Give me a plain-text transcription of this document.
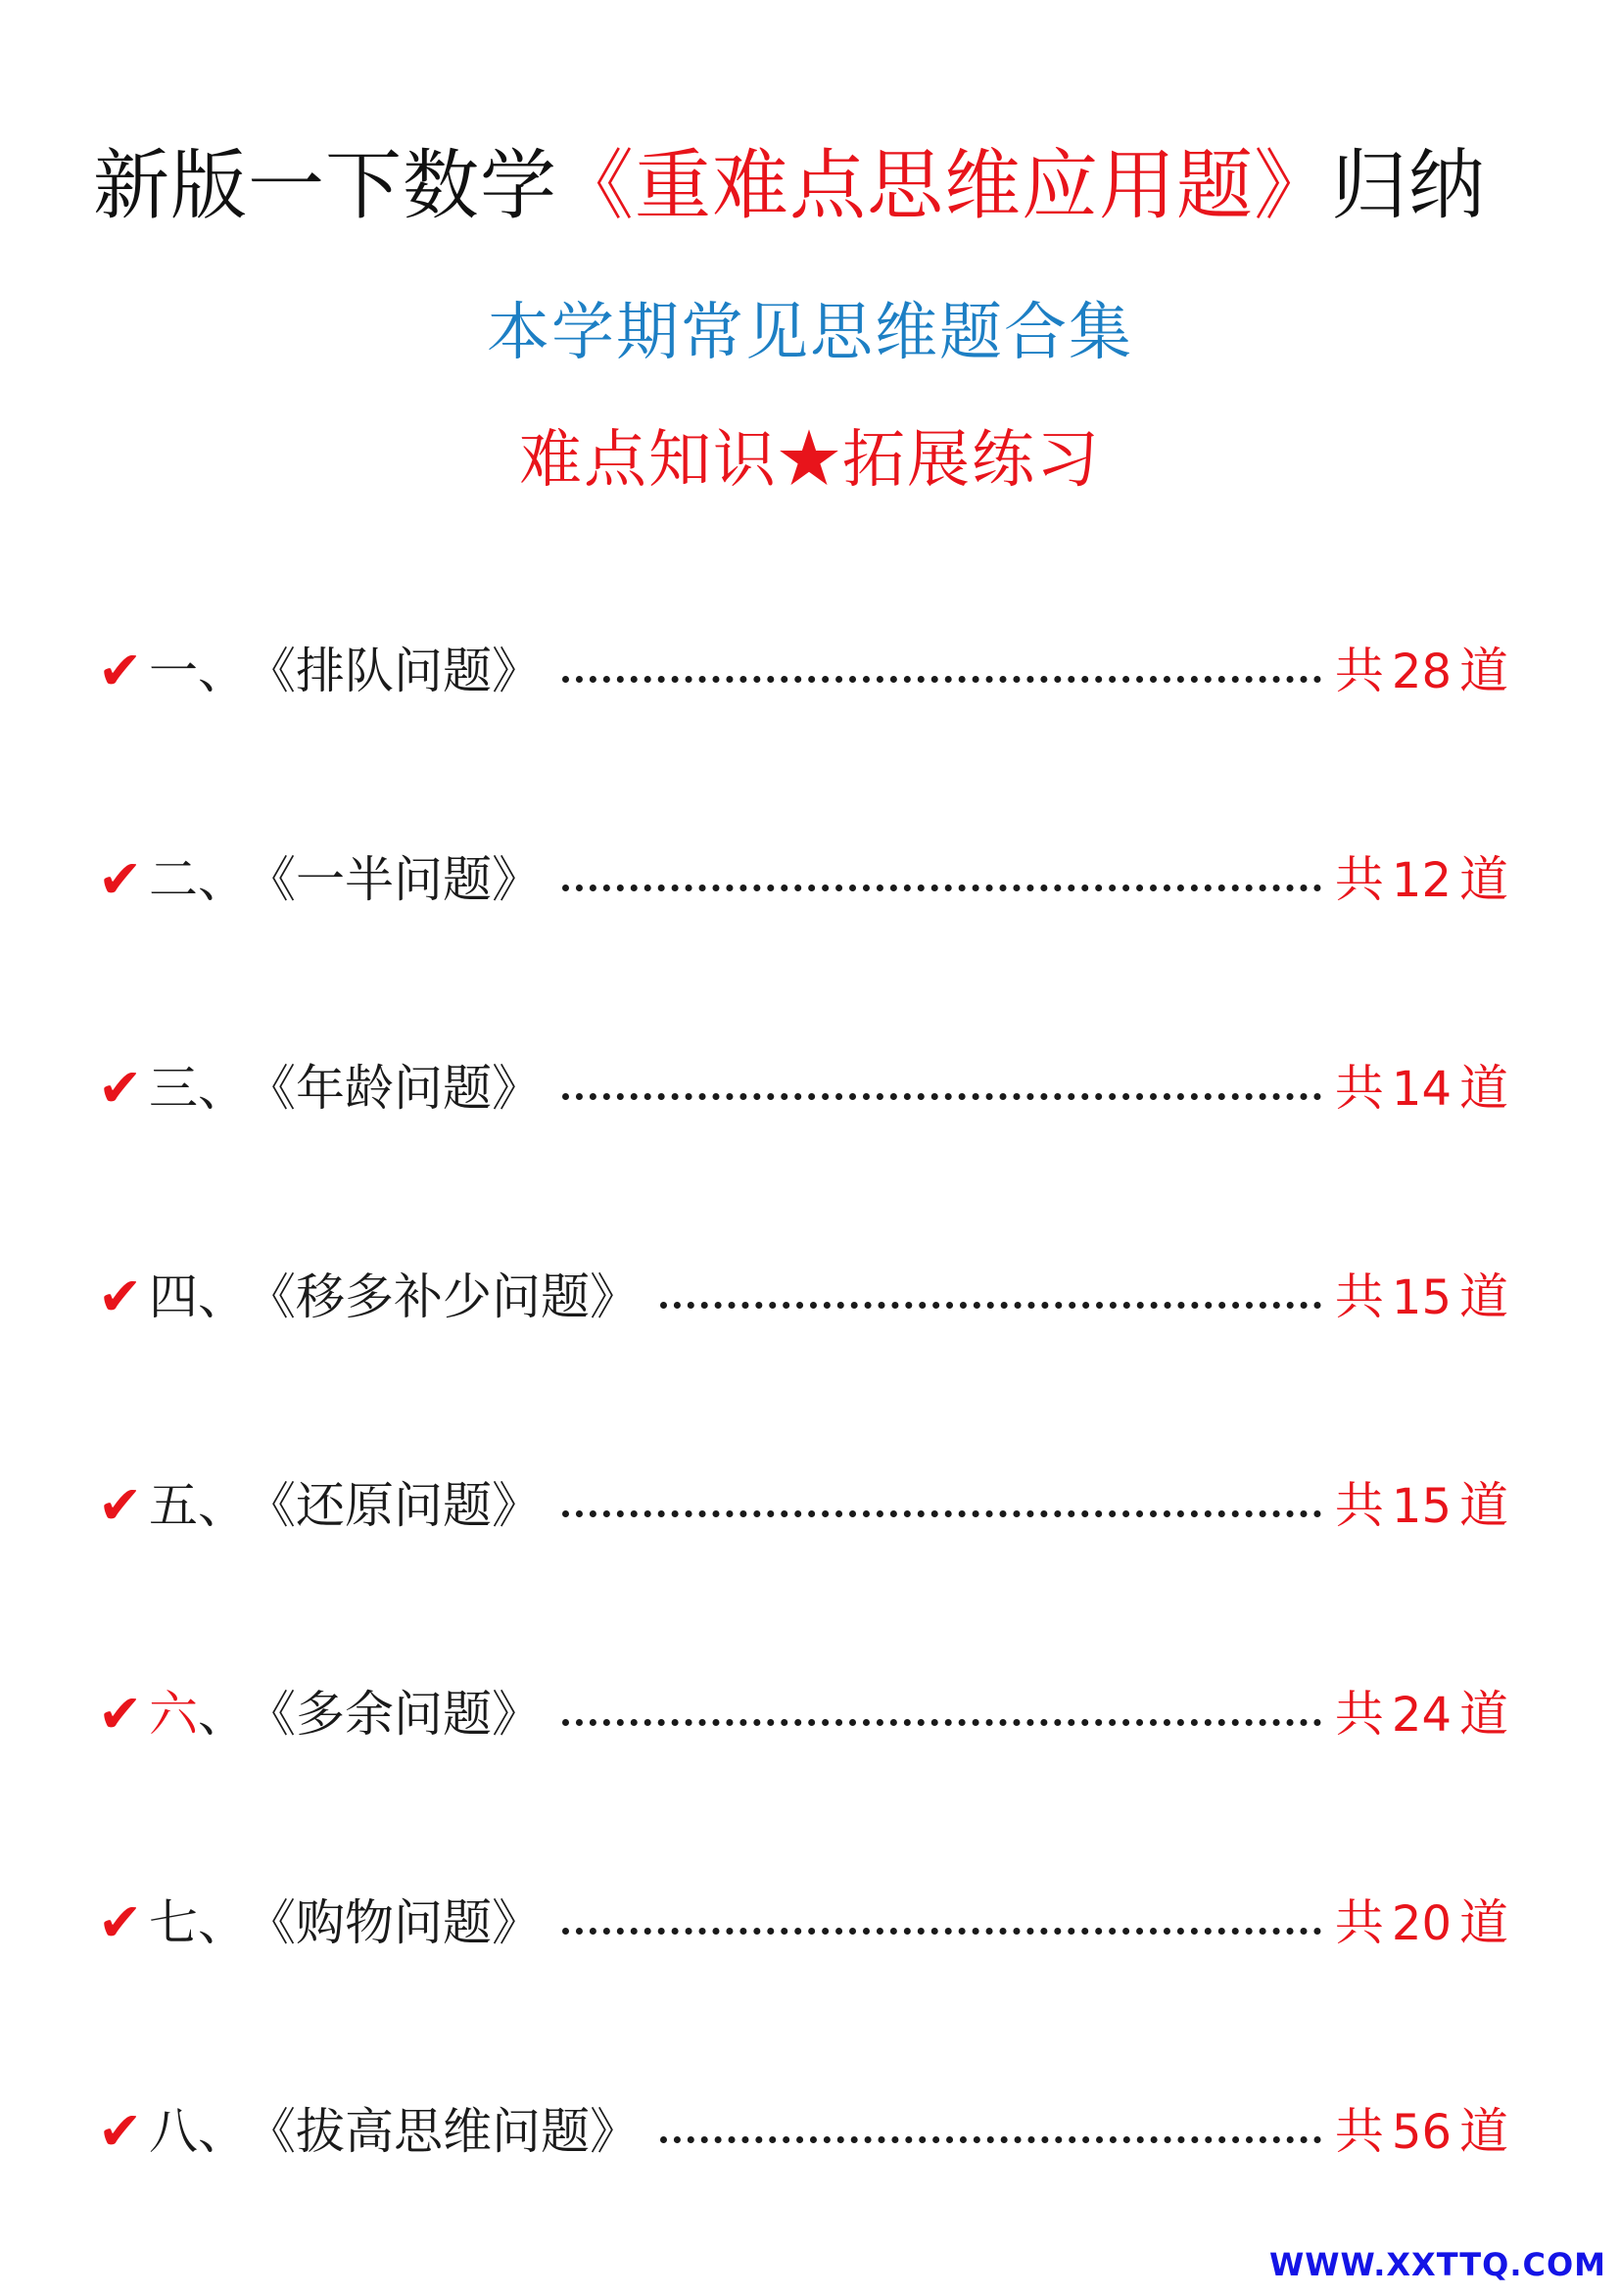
新版一下数学《重难点思维应用题》归纳
本学期常见思维题合集
难点知识★拓展练习
✔ 一、 《排队问题》	共 28 道
✔ 二、 《一半问题》	共 12 道
✔ 三、 《年龄问题》	共 14 道
✔ 四、 《移多补少问题》	共 15 道
✔ 五、 《还原问题》	共 15 道
✔ 六 、 《多余问题》	共 24 道
✔ 七、 《购物问题》	共 20 道
✔ 八、 《拔高思维问题》	共 56 道
WWW.XXTTQ.COM
